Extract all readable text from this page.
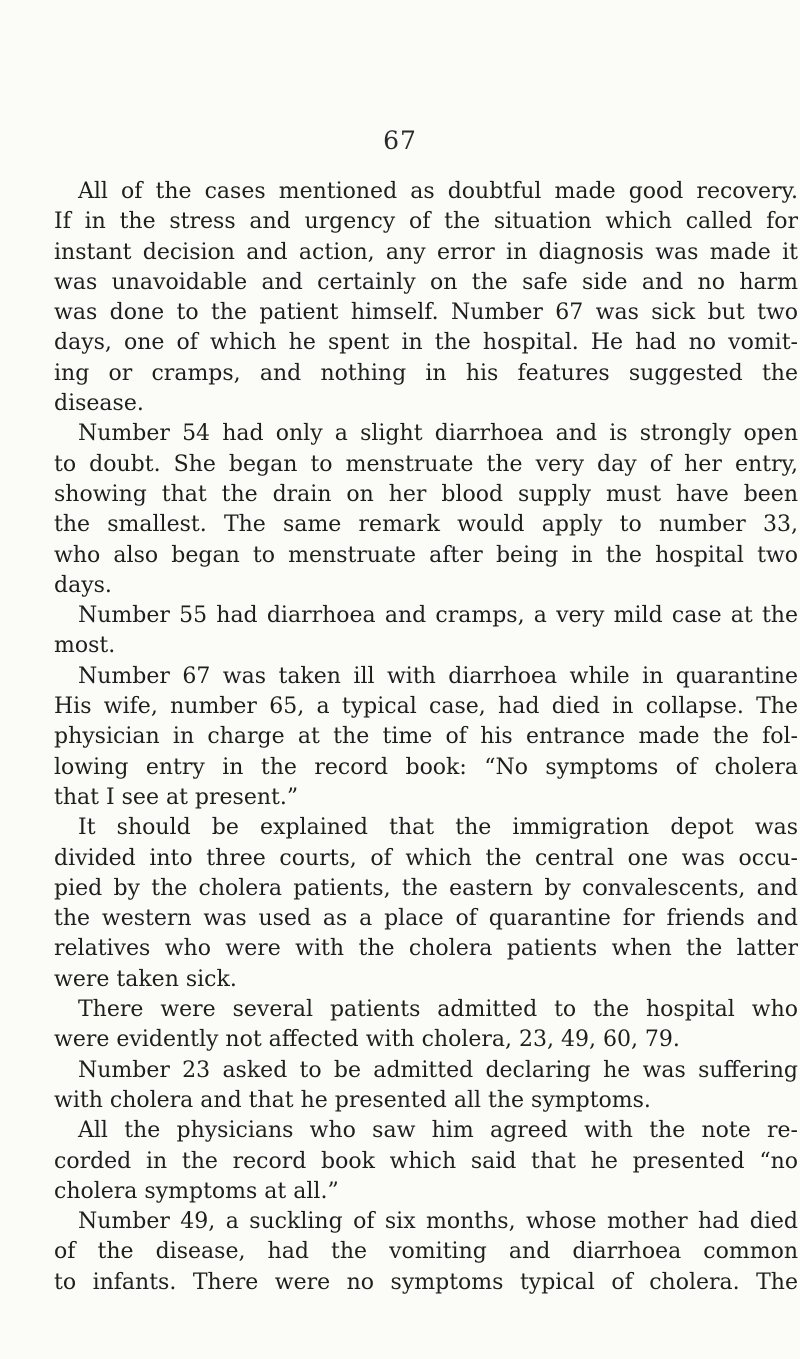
67

All of the cases mentioned as doubtful made good recovery.
If in the stress and urgency of the situation which called for
instant decision and action, any error in diagnosis was made it
was unavoidable and certainly on the safe side and no harm
was done to the patient himself. Number 67 was sick but two
days, one of which he spent in the hospital. He had no vomit-
ing or cramps, and nothing in his features suggested the
disease.

Number 54 had only a slight diarrhoea and is strongly open
to doubt. She began to menstruate the very day of her entry,
showing that the drain on her blood supply must have been
the smallest. The same remark would apply to number 33,
who also began to menstruate after being in the hospital two
days.

Number 55 had diarrhoea and cramps, a very mild case at the
most.

Number 67 was taken ill with diarrhoea while in quarantine
His wife, number 65, a typical case, had died in collapse. The
physician in charge at the time of his entrance made the fol-
lowing entry in the record book: “No symptoms of cholera
that I see at present.”

It should be explained that the immigration depot was
divided into three courts, of which the central one was occu-
pied by the cholera patients, the eastern by convalescents, and
the western was used as a place of quarantine for friends and
relatives who were with the cholera patients when the latter
were taken sick.

There were several patients admitted to the hospital who
were evidently not affected with cholera, 23, 49, 60, 79.

Number 23 asked to be admitted declaring he was suffering
with cholera and that he presented all the symptoms.

All the physicians who saw him agreed with the note re-
corded in the record book which said that he presented “no
cholera symptoms at all.”

Number 49, a suckling of six months, whose mother had died
of the disease, had the vomiting and diarrhoea common
to infants. There were no symptoms typical of cholera. The
